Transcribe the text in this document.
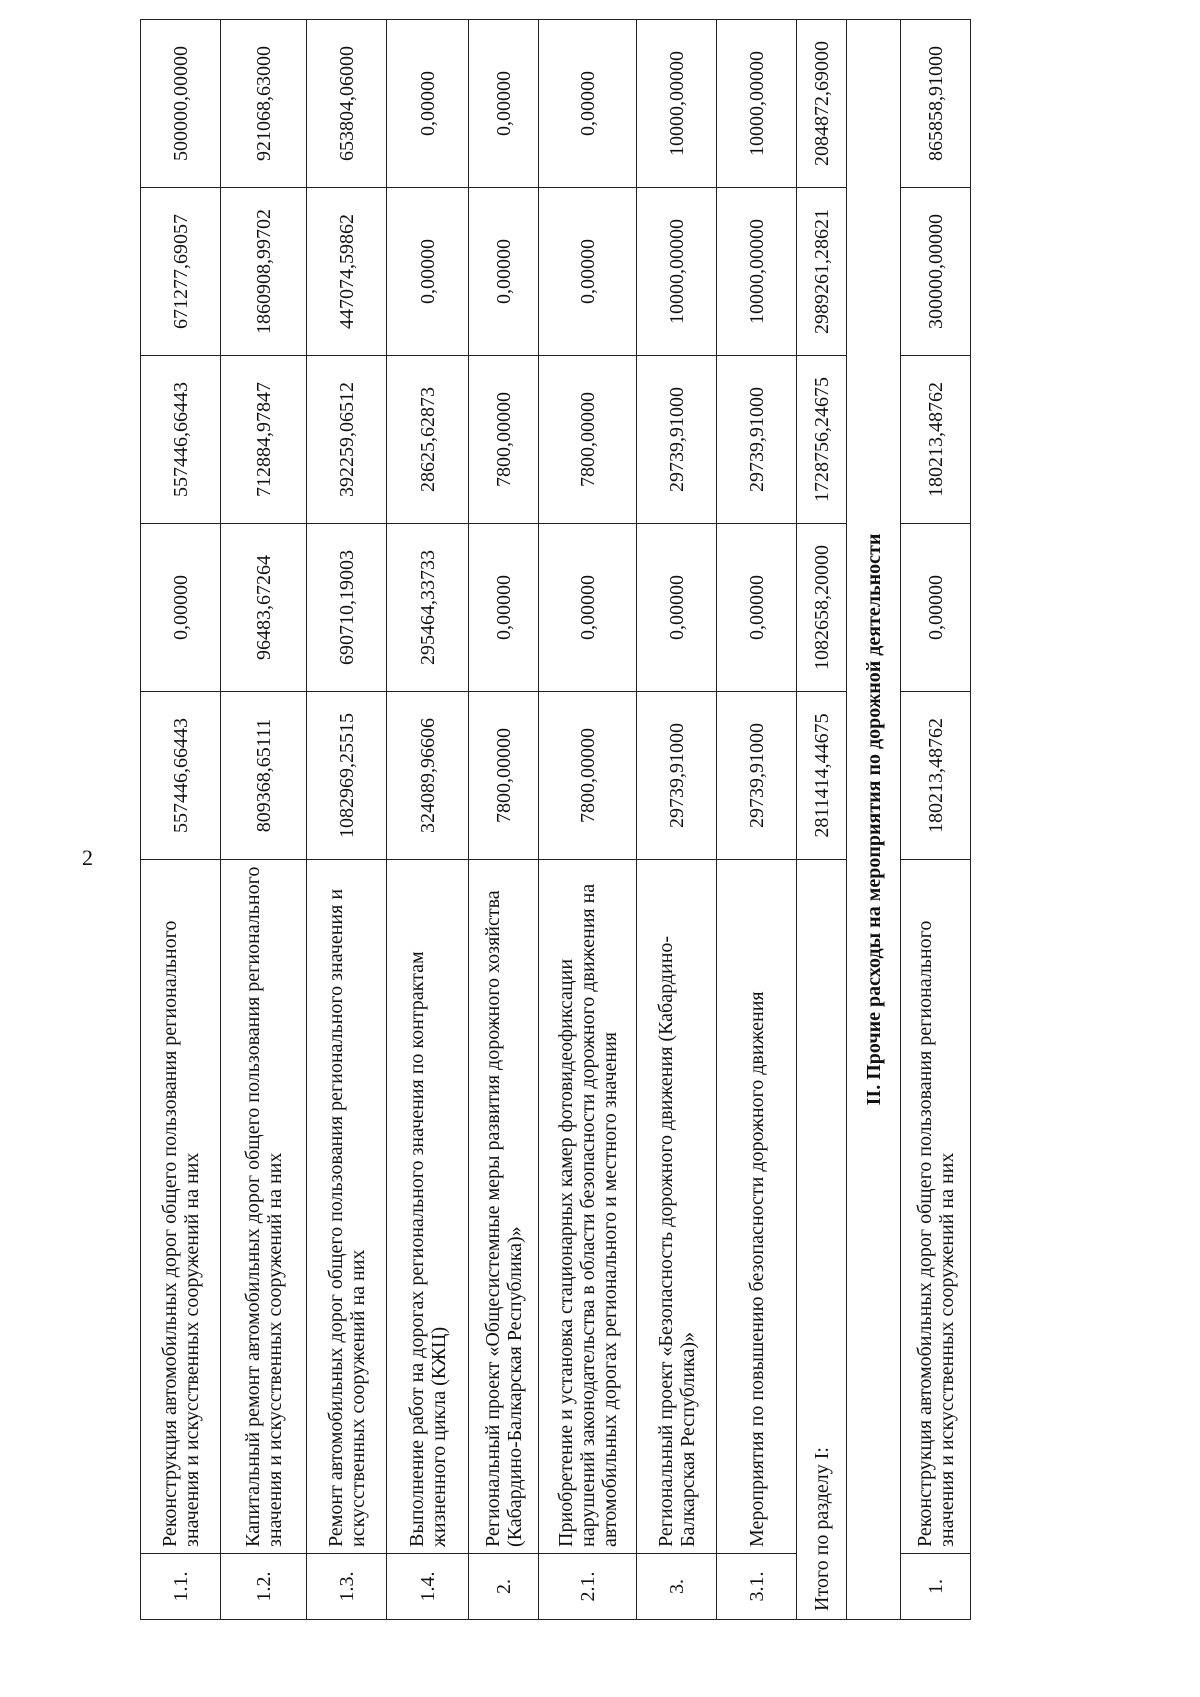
2
1.1.	Реконструкция автомобильных дорог общего пользования регионального значения и искусственных сооружений на них	557446,66443	0,00000	557446,66443	671277,69057	500000,00000
1.2.	Капитальный ремонт автомобильных дорог общего пользования регионального значения и искусственных сооружений на них	809368,65111	96483,67264	712884,97847	1860908,99702	921068,63000
1.3.	Ремонт автомобильных дорог общего пользования регионального значения и искусственных сооружений на них	1082969,25515	690710,19003	392259,06512	447074,59862	653804,06000
1.4.	Выполнение работ на дорогах регионального значения по контрактам жизненного цикла (КЖЦ)	324089,96606	295464,33733	28625,62873	0,00000	0,00000
2.	Региональный проект «Общесистемные меры развития дорожного хозяйства (Кабардино-Балкарская Республика)»	7800,00000	0,00000	7800,00000	0,00000	0,00000
2.1.	Приобретение и установка стационарных камер фотовидеофиксации нарушений законодательства в области безопасности дорожного движения на автомобильных дорогах регионального и местного значения	7800,00000	0,00000	7800,00000	0,00000	0,00000
3.	Региональный проект «Безопасность дорожного движения (Кабардино-Балкарская Республика)»	29739,91000	0,00000	29739,91000	10000,00000	10000,00000
3.1.	Мероприятия по повышению безопасности дорожного движения	29739,91000	0,00000	29739,91000	10000,00000	10000,00000
Итого по разделу I:		2811414,44675	1082658,20000	1728756,24675	2989261,28621	2084872,69000
II. Прочие расходы на мероприятия по дорожной деятельности						
1.	Реконструкция автомобильных дорог общего пользования регионального значения и искусственных сооружений на них	180213,48762	0,00000	180213,48762	300000,00000	865858,91000
